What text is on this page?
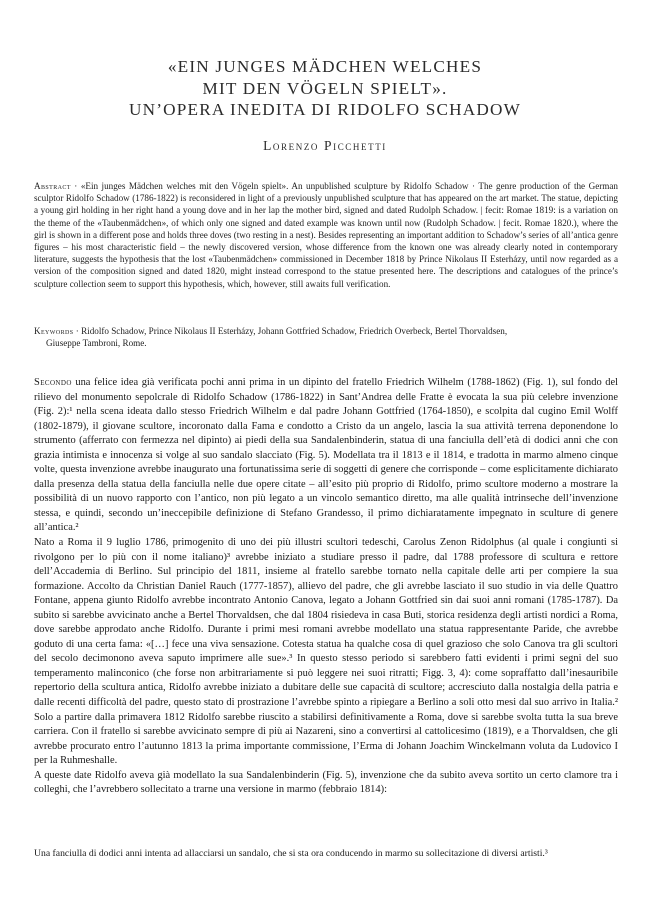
«EIN JUNGES MÄDCHEN WELCHES
MIT DEN VÖGELN SPIELT».
UN’OPERA INEDITA DI RIDOLFO SCHADOW
Lorenzo Picchetti
Abstract · «Ein junges Mädchen welches mit den Vögeln spielt». An unpublished sculpture by Ridolfo Schadow · The genre production of the German sculptor Ridolfo Schadow (1786-1822) is reconsidered in light of a previously unpublished sculpture that has appeared on the art market. The statue, depicting a young girl holding in her right hand a young dove and in her lap the mother bird, signed and dated Rudolph Schadow. | fecit: Romae 1819: is a variation on the theme of the «Taubenmädchen», of which only one signed and dated example was known until now (Rudolph Schadow. | fecit. Romae 1820.), where the girl is shown in a different pose and holds three doves (two resting in a nest). Besides representing an important addition to Schadow’s series of all’antica genre figures – his most characteristic field – the newly discovered version, whose difference from the known one was already clearly noted in contemporary literature, suggests the hypothesis that the lost «Taubenmädchen» commissioned in December 1818 by Prince Nikolaus II Esterházy, until now regarded as a version of the composition signed and dated 1820, might instead correspond to the statue presented here. The descriptions and catalogues of the prince’s sculpture collection seem to support this hypothesis, which, however, still awaits full verification.
Keywords · Ridolfo Schadow, Prince Nikolaus II Esterházy, Johann Gottfried Schadow, Friedrich Overbeck, Bertel Thorvaldsen,
Giuseppe Tambroni, Rome.

Secondo una felice idea già verificata pochi anni prima in un dipinto del fratello Friedrich Wilhelm (1788-1862) (Fig. 1), sul fondo del rilievo del monumento sepolcrale di Ridolfo Schadow (1786-1822) in Sant’Andrea delle Fratte è evocata la sua più celebre invenzione (Fig. 2):¹ nella scena ideata dallo stesso Friedrich Wilhelm e dal padre Johann Gottfried (1764-1850), e scolpita dal cugino Emil Wolff (1802-1879), il giovane scultore, incoronato dalla Fama e condotto a Cristo da un angelo, lascia la sua attività terrena deponendone lo strumento (afferrato con fermezza nel dipinto) ai piedi della sua Sandalenbinderin, statua di una fanciulla dell’età di dodici anni che con grazia intimista e innocenza si volge al suo sandalo slacciato (Fig. 5). Modellata tra il 1813 e il 1814, e tradotta in marmo almeno cinque volte, questa invenzione avrebbe inaugurato una fortunatissima serie di soggetti di genere che corrisponde – come esplicitamente dichiarato dalla presenza della statua della fanciulla nelle due opere citate – all’esito più proprio di Ridolfo, primo scultore moderno a mostrare la possibilità di un nuovo rapporto con l’antico, non più legato a un vincolo semantico diretto, ma alle qualità intrinseche dell’invenzione stessa, e quindi, secondo un’ineccepibile definizione di Stefano Grandesso, il primo dichiaratamente impegnato in sculture di genere all’antica.²

Nato a Roma il 9 luglio 1786, primogenito di uno dei più illustri scultori tedeschi, Carolus Zenon Ridolphus (al quale i congiunti si rivolgono per lo più con il nome italiano)³ avrebbe iniziato a studiare presso il padre, dal 1788 professore di scultura e rettore dell’Accademia di Berlino. Sul principio del 1811, insieme al fratello sarebbe tornato nella capitale delle arti per compiere la sua formazione. Accolto da Christian Daniel Rauch (1777-1857), allievo del padre, che gli avrebbe lasciato il suo studio in via delle Quattro Fontane, appena giunto Ridolfo avrebbe incontrato Antonio Canova, legato a Johann Gottfried sin dai suoi anni romani (1785-1787). Da subito si sarebbe avvicinato anche a Bertel Thorvaldsen, che dal 1804 risiedeva in casa Buti, storica residenza degli artisti nordici a Roma, dove sarebbe approdato anche Ridolfo. Durante i primi mesi romani avrebbe modellato una statua rappresentante Paride, che avrebbe goduto di una certa fama: «[…] fece una viva sensazione. Cotesta statua ha qualche cosa di quel grazioso che solo Canova tra gli scultori del secolo decimonono aveva saputo imprimere alle sue».³ In questo stesso periodo si sarebbero fatti evidenti i primi segni del suo temperamento malinconico (che forse non arbitrariamente si può leggere nei suoi ritratti; Figg. 3, 4): come sopraffatto dall’inesauribile repertorio della scultura antica, Ridolfo avrebbe iniziato a dubitare delle sue capacità di scultore; accresciuto dalla nostalgia della patria e dalle recenti difficoltà del padre, questo stato di prostrazione l’avrebbe spinto a ripiegare a Berlino a soli otto mesi dal suo arrivo in Italia.² Solo a partire dalla primavera 1812 Ridolfo sarebbe riuscito a stabilirsi definitivamente a Roma, dove si sarebbe svolta tutta la sua breve carriera. Con il fratello si sarebbe avvicinato sempre di più ai Nazareni, sino a convertirsi al cattolicesimo (1819), e a Thorvaldsen, che gli avrebbe procurato entro l’autunno 1813 la prima importante commissione, l’Erma di Johann Joachim Winckelmann voluta da Ludovico I per la Ruhmeshalle.

A queste date Ridolfo aveva già modellato la sua Sandalenbinderin (Fig. 5), invenzione che da subito aveva sortito un certo clamore tra i colleghi, che l’avrebbero sollecitato a trarne una versione in marmo (febbraio 1814):

Una fanciulla di dodici anni intenta ad allacciarsi un sandalo, che si sta ora conducendo in marmo su sollecitazione di diversi artisti.³
